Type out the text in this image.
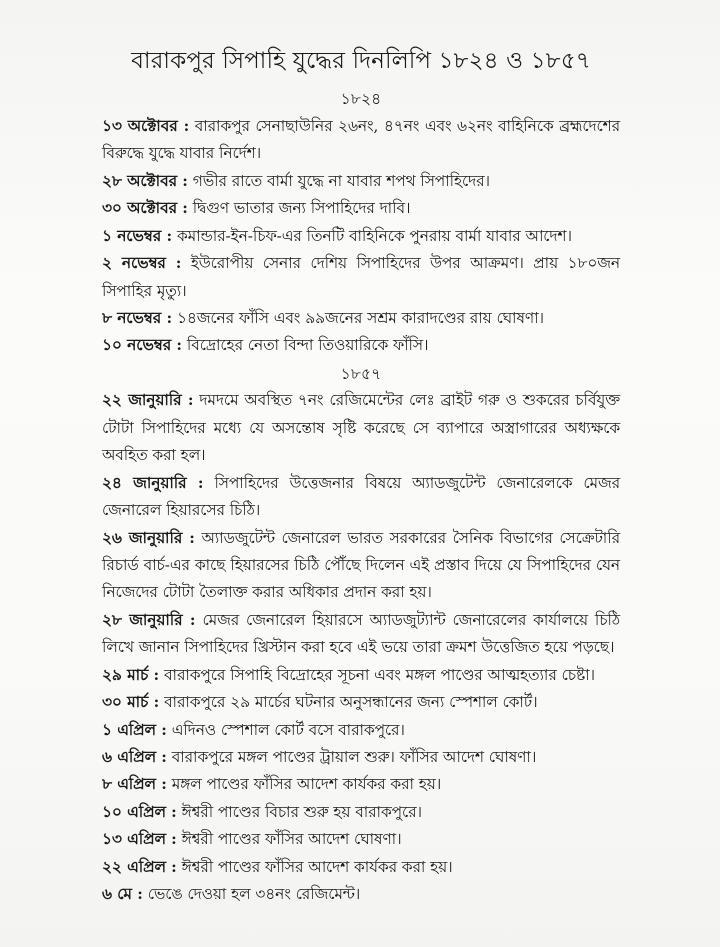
বারাকপুর সিপাহি যুদ্ধের দিনলিপি ১৮২৪ ও ১৮৫৭
১৮২৪

১৩ অক্টোবর : বারাকপুর সেনাছাউনির ২৬নং, ৪৭নং এবং ৬২নং বাহিনিকে ব্রহ্মদেশের বিরুদ্ধে যুদ্ধে যাবার নির্দেশ।

২৮ অক্টোবর : গভীর রাতে বার্মা যুদ্ধে না যাবার শপথ সিপাহিদের।

৩০ অক্টোবর : দ্বিগুণ ভাতার জন্য সিপাহিদের দাবি।

১ নভেম্বর : কমান্ডার-ইন-চিফ-এর তিনটি বাহিনিকে পুনরায় বার্মা যাবার আদেশ।

২ নভেম্বর : ইউরোপীয় সেনার দেশিয় সিপাহিদের উপর আক্রমণ। প্রায় ১৮০জন সিপাহির মৃত্যু।

৮ নভেম্বর : ১৪জনের ফাঁসি এবং ৯৯জনের সশ্রম কারাদণ্ডের রায় ঘোষণা।

১০ নভেম্বর : বিদ্রোহের নেতা বিন্দা তিওয়ারিকে ফাঁসি।

১৮৫৭

২২ জানুয়ারি : দমদমে অবস্থিত ৭নং রেজিমেন্টের লেঃ ব্রাইট গরু ও শুকরের চর্বিযুক্ত টোটা সিপাহিদের মধ্যে যে অসন্তোষ সৃষ্টি করেছে সে ব্যাপারে অস্ত্রাগারের অধ্যক্ষকে অবহিত করা হল।

২৪ জানুয়ারি : সিপাহিদের উত্তেজনার বিষয়ে অ্যাডজুটেন্ট জেনারেলকে মেজর জেনারেল হিয়ারসের চিঠি।

২৬ জানুয়ারি : অ্যাডজুটেন্ট জেনারেল ভারত সরকারের সৈনিক বিভাগের সেক্রেটারি রিচার্ড বার্চ-এর কাছে হিয়ারসের চিঠি পৌঁছে দিলেন এই প্রস্তাব দিয়ে যে সিপাহিদের যেন নিজেদের টোটা তৈলাক্ত করার অধিকার প্রদান করা হয়।

২৮ জানুয়ারি : মেজর জেনারেল হিয়ারসে অ্যাডজুট্যান্ট জেনারেলের কার্যালয়ে চিঠি লিখে জানান সিপাহিদের খ্রিস্টান করা হবে এই ভয়ে তারা ক্রমশ উত্তেজিত হয়ে পড়ছে।

২৯ মার্চ : বারাকপুরে সিপাহি বিদ্রোহের সূচনা এবং মঙ্গল পাণ্ডের আত্মহত্যার চেষ্টা।

৩০ মার্চ : বারাকপুরে ২৯ মার্চের ঘটনার অনুসন্ধানের জন্য স্পেশাল কোর্ট।

১ এপ্রিল : এদিনও স্পেশাল কোর্ট বসে বারাকপুরে।

৬ এপ্রিল : বারাকপুরে মঙ্গল পাণ্ডের ট্রায়াল শুরু। ফাঁসির আদেশ ঘোষণা।

৮ এপ্রিল : মঙ্গল পাণ্ডের ফাঁসির আদেশ কার্যকর করা হয়।

১০ এপ্রিল : ঈশ্বরী পাণ্ডের বিচার শুরু হয় বারাকপুরে।

১৩ এপ্রিল : ঈশ্বরী পাণ্ডের ফাঁসির আদেশ ঘোষণা।

২২ এপ্রিল : ঈশ্বরী পাণ্ডের ফাঁসির আদেশ কার্যকর করা হয়।

৬ মে : ভেঙে দেওয়া হল ৩৪নং রেজিমেন্ট।
